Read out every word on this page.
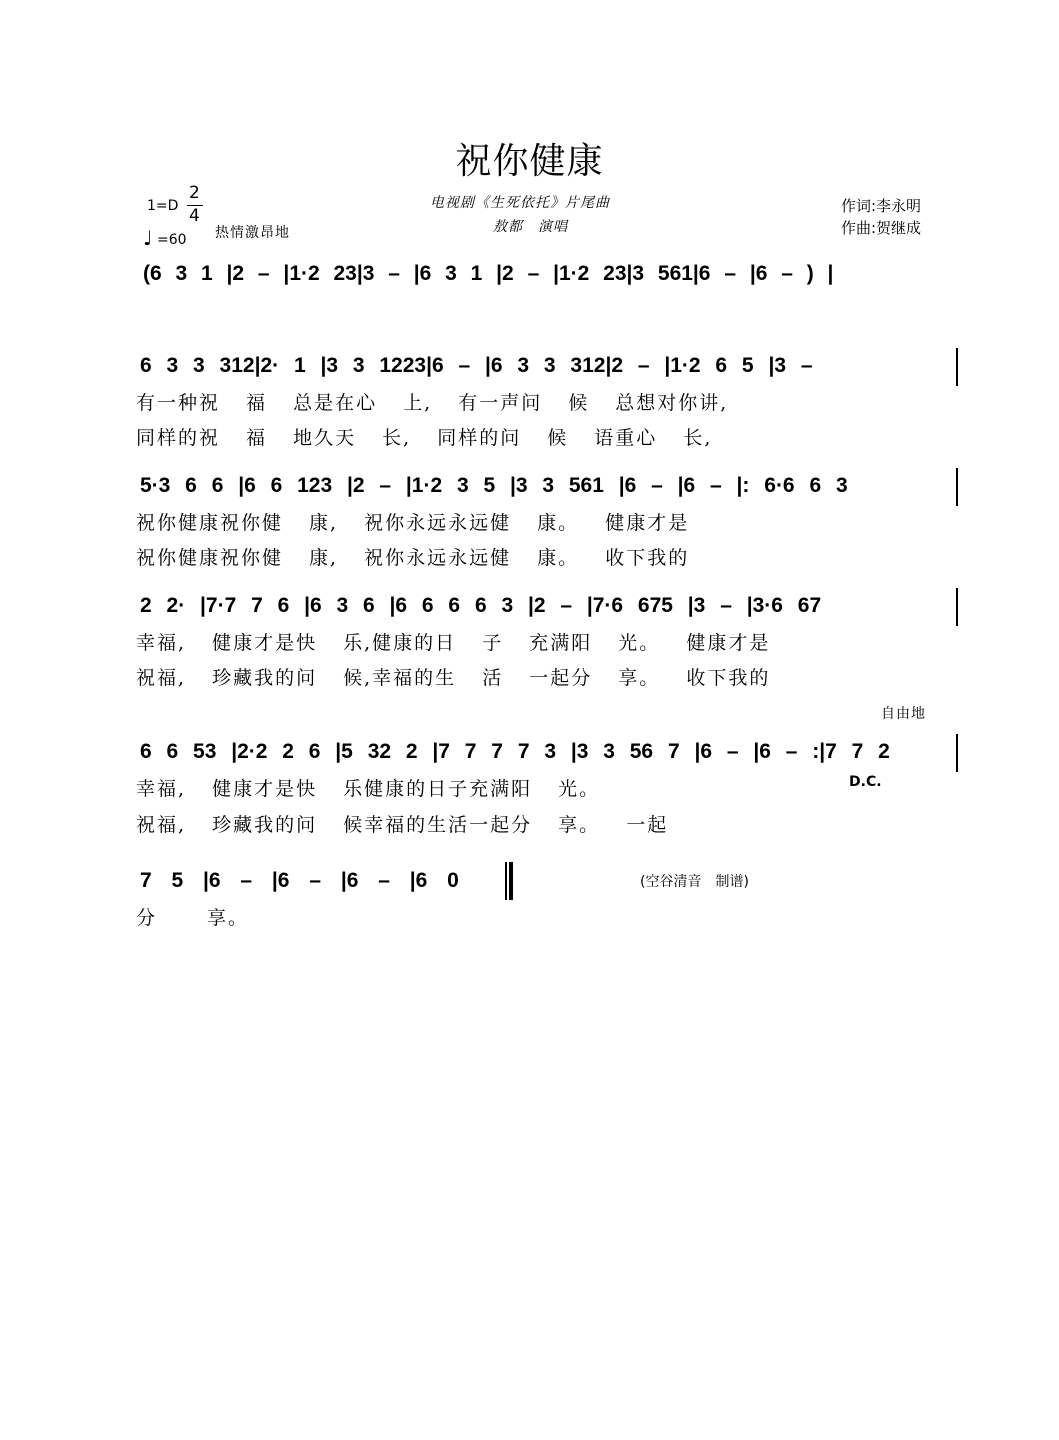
祝你健康
电视剧《生死依托》片尾曲
敖都　演唱
作词:李永明
作曲:贺继成
1=D
2
4
♩ =60 热情激昂地
(6 3 1 |2 – |1·2 23|3 – |6 3 1 |2 – |1·2 23|3 561|6 – |6 – ) |
6 3 3 312|2· 1 |3 3 1223|6 – |6 3 3 312|2 – |1·2 6 5 |3 –
有一种祝 福 总是在心 上, 有一声问 候 总想对你讲,
同样的祝 福 地久天 长, 同样的问 候 语重心 长,
5·3 6 6 |6 6 123 |2 – |1·2 3 5 |3 3 561 |6 – |6 – |: 6·6 6 3
祝你健康祝你健 康, 祝你永远永远健 康。 健康才是
祝你健康祝你健 康, 祝你永远永远健 康。 收下我的
2 2· |7·7 7 6 |6 3 6 |6 6 6 6 3 |2 – |7·6 675 |3 – |3·6 67
幸福, 健康才是快 乐,健康的日 子 充满阳 光。 健康才是
祝福, 珍藏我的问 候,幸福的生 活 一起分 享。 收下我的
自由地
6 6 53 |2·2 2 6 |5 32 2 |7 7 7 7 3 |3 3 56 7 |6 – |6 – :|7 7 2
D.C.
幸福, 健康才是快 乐健康的日子充满阳 光。
祝福, 珍藏我的问 候幸福的生活一起分 享。 一起
7 5 |6 – |6 – |6 – |6 0
分 享。
(空谷清音　制谱)
